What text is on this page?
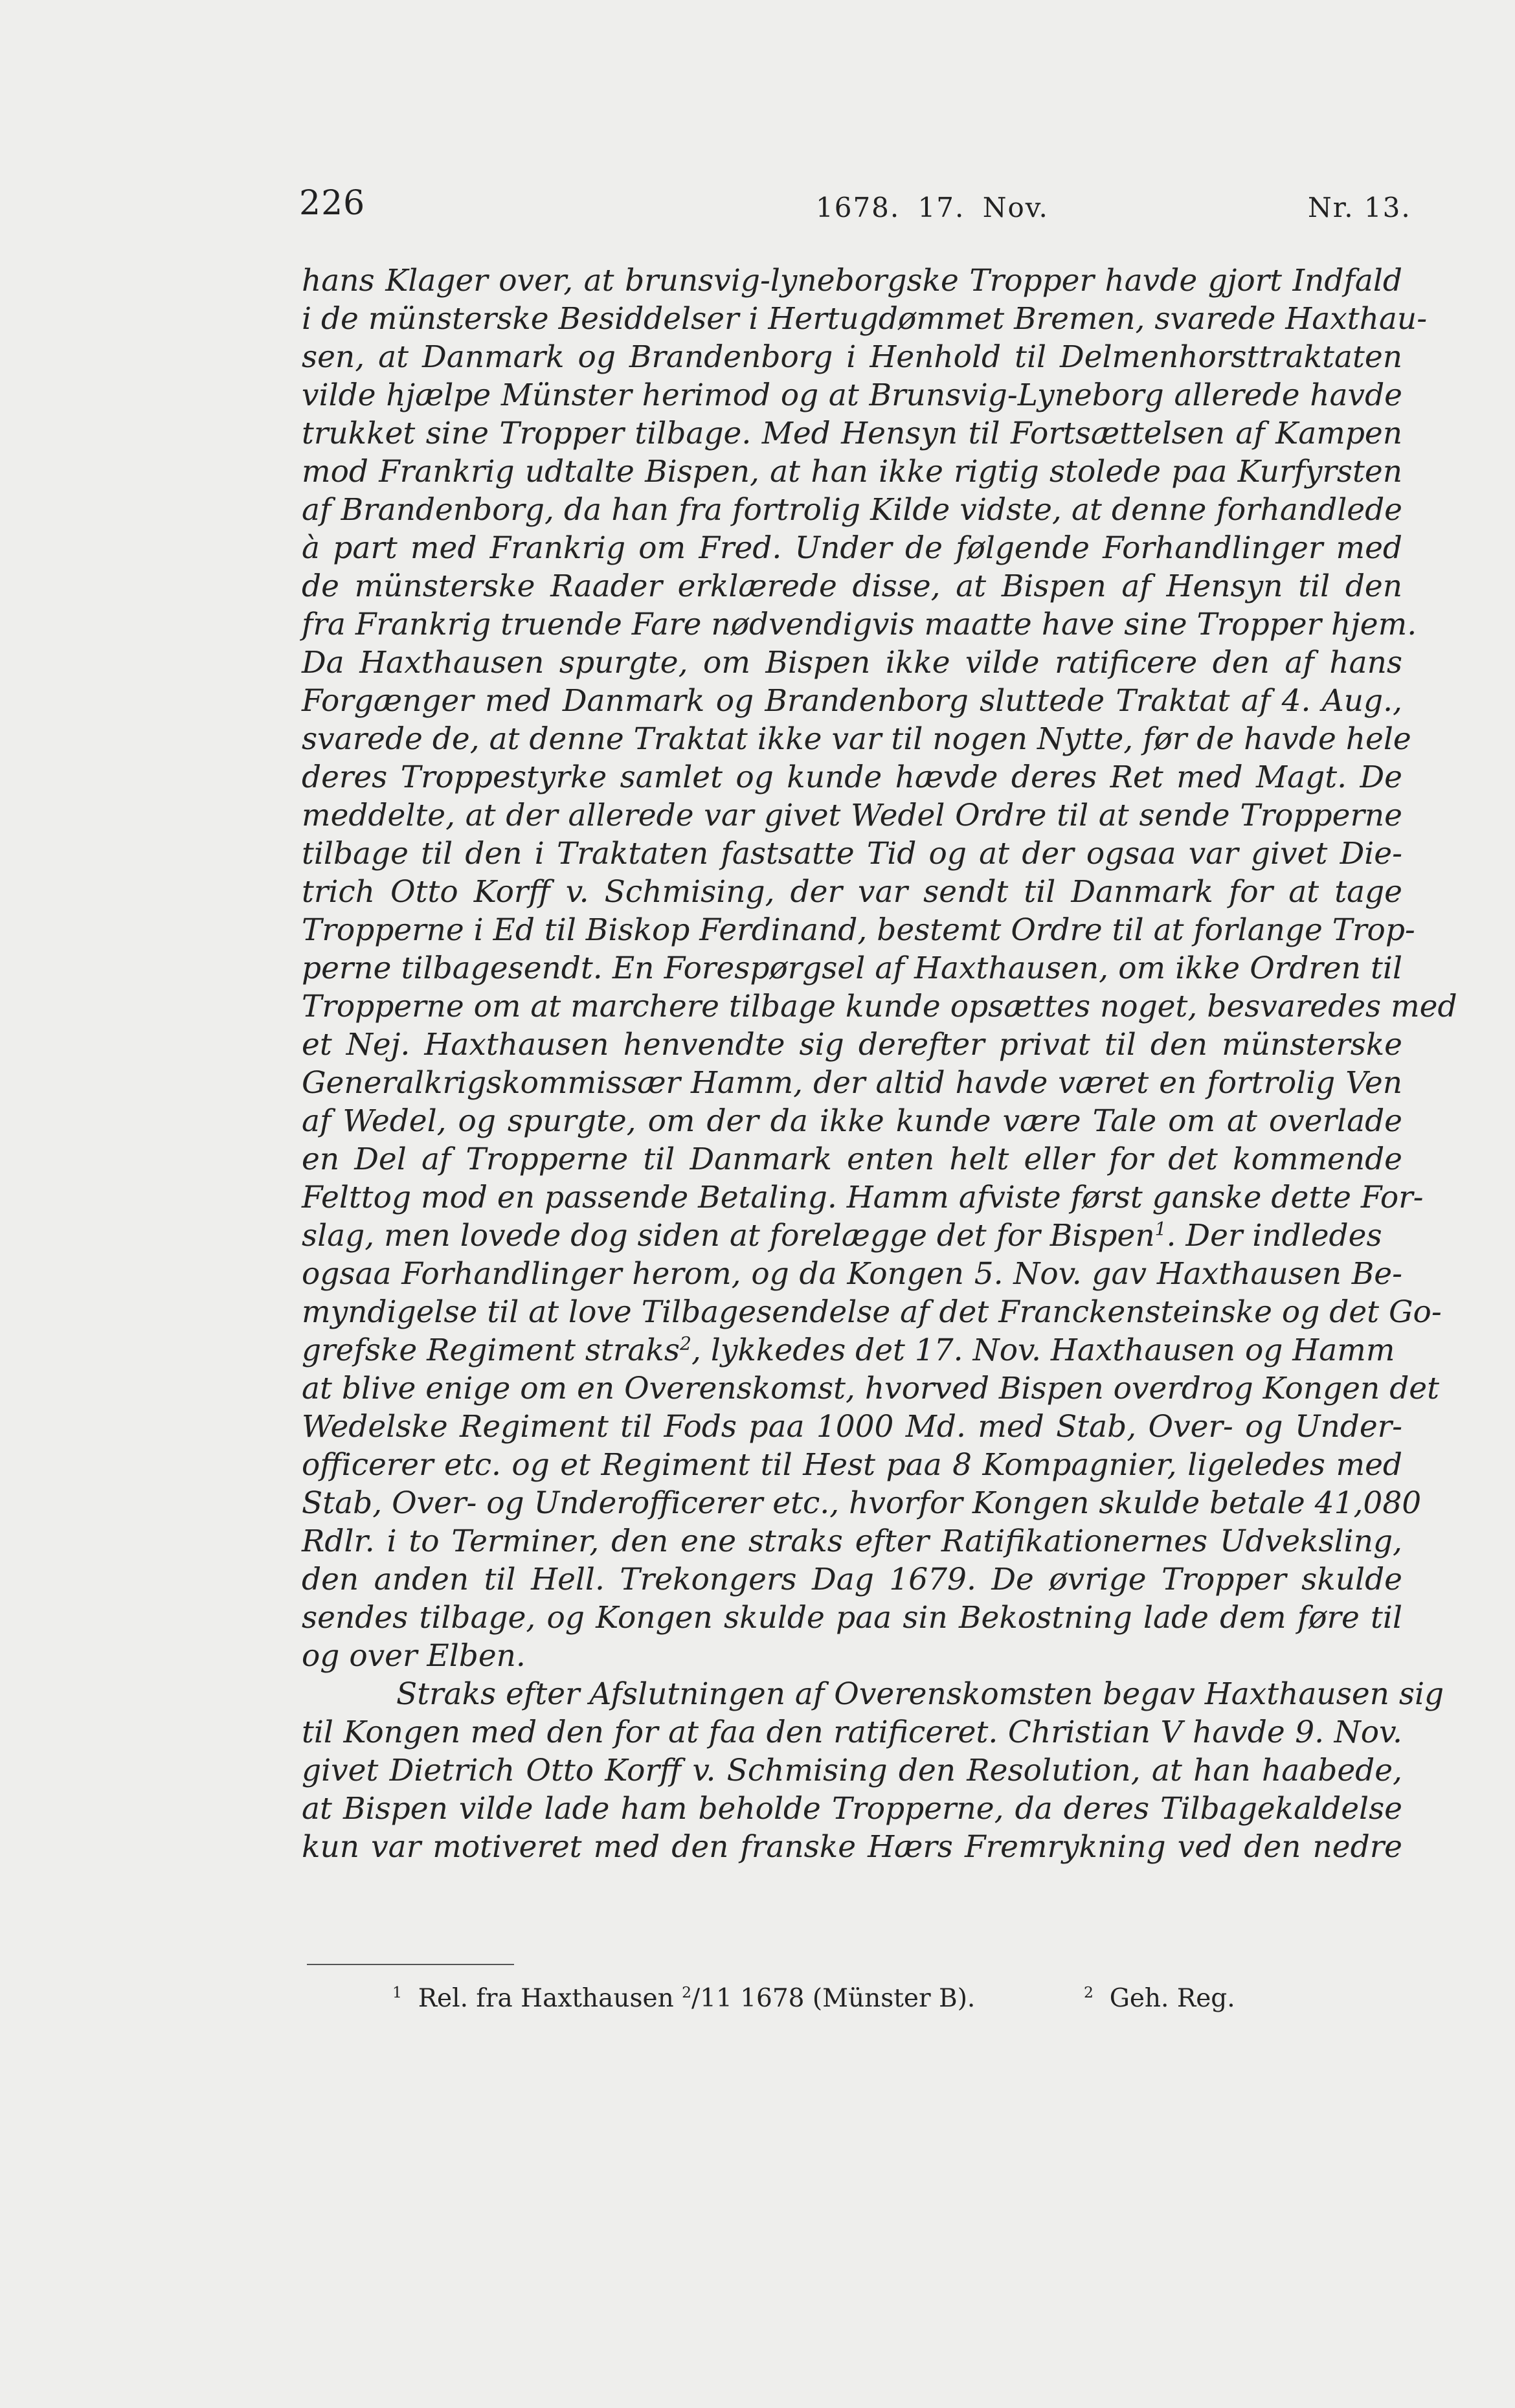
226	1678. 17. Nov.	Nr. 13.
hans Klager over, at brunsvig-lyneborgske Tropper havde gjort Indfald
i de münsterske Besiddelser i Hertugdømmet Bremen, svarede Haxthau-
sen, at Danmark og Brandenborg i Henhold til Delmenhorsttraktaten
vilde hjælpe Münster herimod og at Brunsvig-Lyneborg allerede havde
trukket sine Tropper tilbage. Med Hensyn til Fortsættelsen af Kampen
mod Frankrig udtalte Bispen, at han ikke rigtig stolede paa Kurfyrsten
af Brandenborg, da han fra fortrolig Kilde vidste, at denne forhandlede
à part med Frankrig om Fred. Under de følgende Forhandlinger med
de münsterske Raader erklærede disse, at Bispen af Hensyn til den
fra Frankrig truende Fare nødvendigvis maatte have sine Tropper hjem.
Da Haxthausen spurgte, om Bispen ikke vilde ratificere den af hans
Forgænger med Danmark og Brandenborg sluttede Traktat af 4. Aug.,
svarede de, at denne Traktat ikke var til nogen Nytte, før de havde hele
deres Troppestyrke samlet og kunde hævde deres Ret med Magt. De
meddelte, at der allerede var givet Wedel Ordre til at sende Tropperne
tilbage til den i Traktaten fastsatte Tid og at der ogsaa var givet Die-
trich Otto Korff v. Schmising, der var sendt til Danmark for at tage
Tropperne i Ed til Biskop Ferdinand, bestemt Ordre til at forlange Trop-
perne tilbagesendt. En Forespørgsel af Haxthausen, om ikke Ordren til
Tropperne om at marchere tilbage kunde opsættes noget, besvaredes med
et Nej. Haxthausen henvendte sig derefter privat til den münsterske
Generalkrigskommissær Hamm, der altid havde været en fortrolig Ven
af Wedel, og spurgte, om der da ikke kunde være Tale om at overlade
en Del af Tropperne til Danmark enten helt eller for det kommende
Felttog mod en passende Betaling. Hamm afviste først ganske dette For-
slag, men lovede dog siden at forelægge det for Bispen$^1$. Der indledes
ogsaa Forhandlinger herom, og da Kongen 5. Nov. gav Haxthausen Be-
myndigelse til at love Tilbagesendelse af det Franckensteinske og det Go-
grefske Regiment straks$^2$, lykkedes det 17. Nov. Haxthausen og Hamm
at blive enige om en Overenskomst, hvorved Bispen overdrog Kongen det
Wedelske Regiment til Fods paa 1000 Md. med Stab, Over- og Under-
officerer etc. og et Regiment til Hest paa 8 Kompagnier, ligeledes med
Stab, Over- og Underofficerer etc., hvorfor Kongen skulde betale 41,080
Rdlr. i to Terminer, den ene straks efter Ratifikationernes Udveksling,
den anden til Hell. Trekongers Dag 1679. De øvrige Tropper skulde
sendes tilbage, og Kongen skulde paa sin Bekostning lade dem føre til
og over Elben.
Straks efter Afslutningen af Overenskomsten begav Haxthausen sig
til Kongen med den for at faa den ratificeret. Christian V havde 9. Nov.
givet Dietrich Otto Korff v. Schmising den Resolution, at han haabede,
at Bispen vilde lade ham beholde Tropperne, da deres Tilbagekaldelse
kun var motiveret med den franske Hærs Fremrykning ved den nedre
$^1$ Rel. fra Haxthausen $^2$/11 1678 (Münster B).	$^2$ Geh. Reg.
